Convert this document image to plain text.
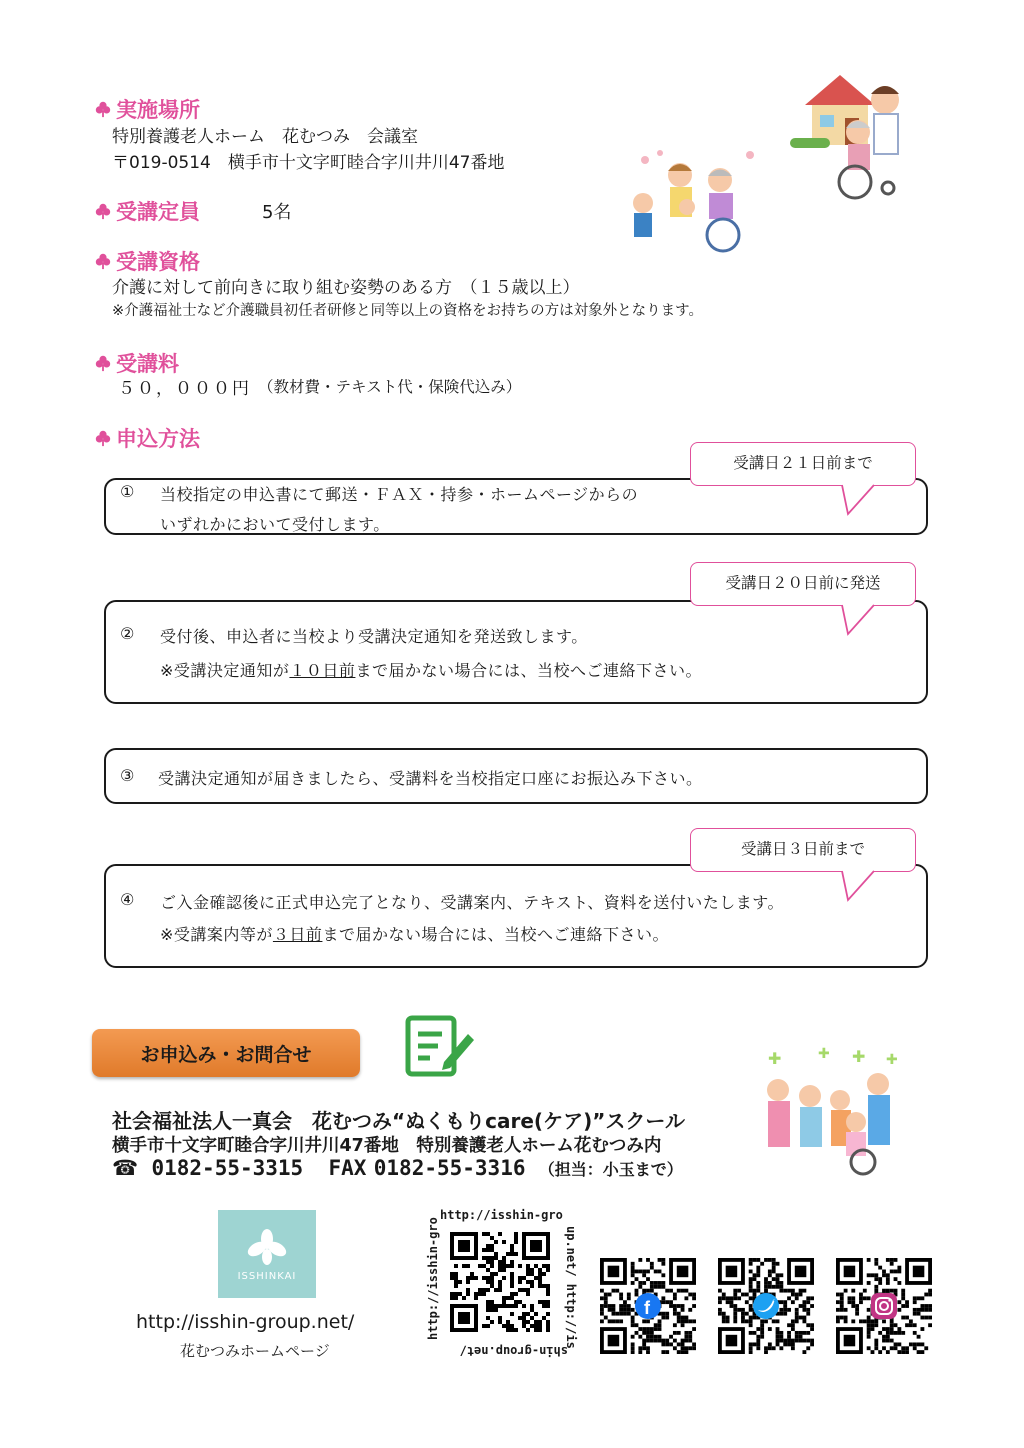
実施場所
特別養護老人ホーム　花むつみ　会議室
〒019-0514　横手市十文字町睦合字川井川47番地
受講定員	5名
受講資格
介護に対して前向きに取り組む姿勢のある方　（１５歳以上）
※介護福祉士など介護職員初任者研修と同等以上の資格をお持ちの方は対象外となります。
受講料
５０，０００円 （教材費・テキスト代・保険代込み）
申込方法
① 当校指定の申込書にて郵送・ＦＡＸ・持参・ホームページからの
いずれかにおいて受付します。
受講日２１日前まで
② 受付後、申込者に当校より受講決定通知を発送致します。
※受講決定通知が１０日前まで届かない場合には、当校へご連絡下さい。
受講日２０日前に発送
③ 受講決定通知が届きましたら、受講料を当校指定口座にお振込み下さい。
④ ご入金確認後に正式申込完了となり、受講案内、テキスト、資料を送付いたします。
※受講案内等が３日前まで届かない場合には、当校へご連絡下さい。
受講日３日前まで
お申込み・お問合せ	✚	✚ ✚ ✚
社会福祉法人一真会　花むつみ“ぬくもりcare(ケア)”スクール
横手市十文字町睦合字川井川47番地　特別養護老人ホーム花むつみ内
☎ 0182-55-3315 FAX 0182-55-3316 （担当：小玉まで）
ISSHINKAI
http://isshin-group.net/
花むつみホームページ
http://isshin-gro
shin-group.net/
http://isshin-gro	up.net/ http://is	f
